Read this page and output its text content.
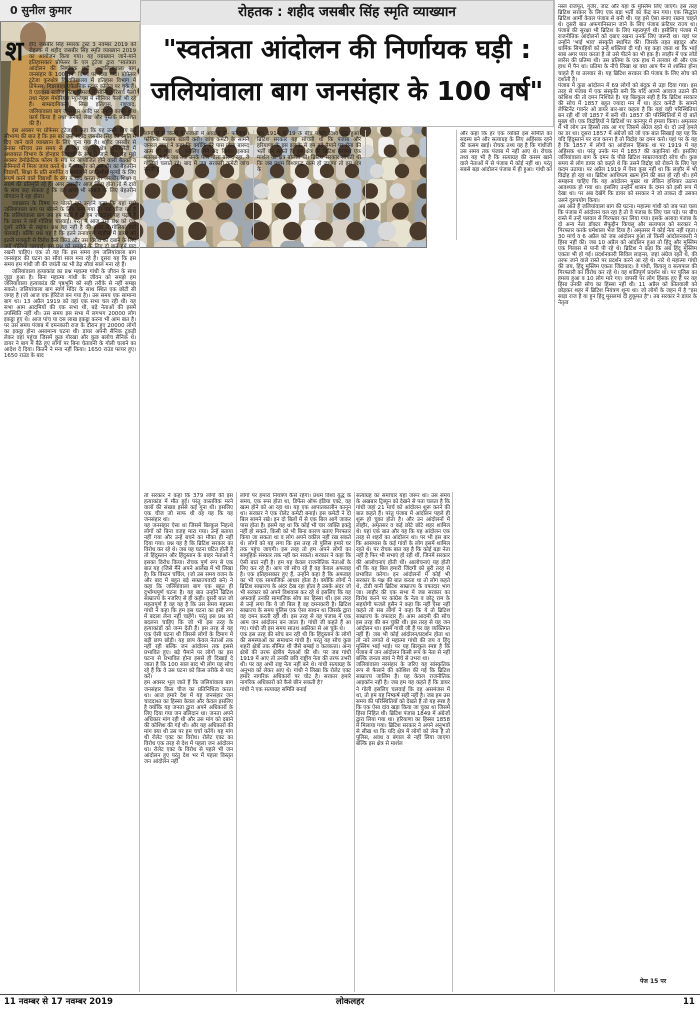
0 सुनील कुमार	रोहतक : शहीद जसबीर सिंह स्मृति व्याख्यान
"स्वतंत्रता आंदोलन की निर्णायक घड़ी :
जलियांवाला बाग जनसंहार के 100 वर्ष"
श	हीद जसबीर सिंह स्मारक ट्रस्ट 3 नवम्बर 2019 को रोहतक में शहीद जसबीर सिंह स्मृति व्याख्यान 2019 का आयोजन किया गया। यह व्याख्यान जाने-माने इतिहासकार प्रोफेसर के एल टुटेजा द्वारा "स्वतंत्रता आंदोलन की निर्णायक घड़ी : जलियांवाला बाग जनसंहार के 100 वर्ष" विषय पर दिया गया। प्रोफेसर टुटेजा कुरुक्षेत्र विश्वविद्यालय में इतिहास विभाग में प्रोफेसर, गिडरबाहा एकेडमिक स्टाफ कॉलेज पर चुके हैं। वे एडवांस्ड स्टडीज सेंटर शिमला में सीनियर रिसर्च फैलो तथा नेहरू मेमोरियल म्यूजियम में सीनियर फैलो भी रहे हैं। साम्प्रदायिकता, सिख इतिहास, राष्ट्रवाद, जलियांवाला बाग जनसंहार आदि पर उन्होंने काफी शोध कार्य किया है तथा अनेकों लेख और पुस्तकें प्रकाशित की हैं।

इस अवसर पर प्रोफेसर टुटेजा ने कहा कि यह उनके लिए बड़े सौभाग्य की बात है कि इस बार उन्हें शहीद जसबीर सिंह की स्मृति में दिए जाने वाले व्याख्यान के लिए चुना गया है। शहीद जसबीर से उनका परिचय उस समय से है जब वह कुरुक्षेत्र यूनिवर्सिटी में अध्ययरत विभाग के होनहार विद्यार्थी के रूप में जाने गए। वह मुझे अक्सर डेमोक्रेटिक फोरम के मंच पर आयोजित होने वाली बैठकों व सेमिनारों में मिला जाया करते थे। मैं जसबीर को उस दौर का बेहतरीन विद्यार्थी, शिक्षा के प्रति समर्पित व समाज में प्रगतिशील मूल्यों के लिए संघर्ष करने वाले विद्यार्थी के रूप में याद करता हूं। जसबीर शिक्षा व संघर्ष की प्रतिमूर्ति रहे हैं। अगर जसबीर आज जिंदा होता तो मैं दावे के साथ कह सकता हूं कि वह आज भी समाज के लिए बेहतरीन योगदान दे रहा होता।

व्याख्यान के विषय पर बोलते हुए उन्होंने कहा कि यहां मुझे जलियांवाला बाग पर बोलने के लिए कहा गया है। एक चीज यह है कि जलियांवाला बाग जब हम पढ़ते हैं तो हम ज्यादातर यह पढ़ते हैं कि डायर ने क्यों गोलियां चलवाईं। परंतु मैं आज उसी प्रश्न को एक दूसरे तरीके से रखूंगा। प्रश्न यह नहीं है की डायर ने गोलियां क्यों चलवाईं। बल्कि प्रश्न यह है कि इतने तनावपूर्ण माहौल में डायर को इतनी मजबूती से विरोध कैसे किया और उस विरोध को दबाने के लिए क्यों गोलियां चलवाईं। इस प्रश्न को समझने के लिए दो बातें हमें याद रखनी चाहिए। एक तो यह कि इस समय हम जलियांवाला बाग जनसंहार की घटना का सौवां साल मना रहे हैं। दूसरा यह कि इस समय हम गांधी जी की जयंती का भी डेढ़ सौवां साल मना रहे हैं।

जलियांवाला हत्याकांड का प्रश्न महात्मा गांधी के जीवन के साथ जुड़ा हुआ है। बिना महात्मा गांधी के जीवन को समझे हम जलियांवाला हत्याकांड की पृष्ठभूमि को सही तरीके से नहीं समझ सकते। जलियांवाला बाग स्वर्ण मंदिर के साथ स्थित एक छोटी सी जगह है (जो आज एक हेरिटेज बन गया है)। उस समय एक सामान्य बाग था। 13 अप्रैल 1919 को वहां एक सभा चल रही थी। यह सभा आम आदमियों की एक सभा थी, बड़े नेताओं की इसमें उपस्थिति नहीं थी। उस समय इस सभा में लगभग 20000 लोग इकट्ठा हुए थे। आज पांच या दस लाख इकट्ठा करना भी आम बात है। पर उस समय पंजाब में दमनकारी राज के दौरान हुए 20000 लोगों का इकट्ठा होना असामान्य घटना थी। डायर अपनी सैनिक टुकड़ी लेकर वहां पहुंचा जिसमें कुछ गोरखा और कुछ बलोच सैनिक थे। डायर ने बाग में बैठे हुए लोगों पर बिना चेतावनी के गोली चलाने का आदेश दे दिया। कितने ने मना नहीं किया। 1650 राउंड फायर हुए। 1650 राउंड के बाद

लोगों में से किसी ने पंजाबी में आवाज दी- फोकिया। फोकिया मतलब खाली करो। जांच कमेटी के सामने जनरल डायर ने कहा कि क्योंकि मेरे पास गोला बारूद खत्म हो गया था, इसलिए मैंने बंद किया। इसका मतलब है कि जब तक उनके पास गोला बारूद रहा, वे गोलियां चलाते रहे। बाद में जब सरकारी कमेटी जांच करती है

था। 1914 से 19 के बीच पहला विश्व युद्ध हुआ। ब्रिटिश सरकार यह सोचती थी कि पंजाब और हरियाणा के इस इलाके से हम बड़े पैमाने पर सेना की भर्ती कर सकते हैं। इस क्षेत्र की ब्रिटिश सरकार एक मार्शल का क्षेत्र बोलती थी। ब्रिटिश सरकार सोचती थी कि जब प्रथम विश्वयुद्ध खत्म हो जाएगा तो इस क्षेत्र के

और कहा कि हर एक व्यक्ति इस समिति का सदस्य बने और सत्याग्रह के लिए अहिंसक रहने की कसम खाई। रोचक तथ्य यह है कि गांधीजी उस समय तक पंजाब में नहीं आए थे। रोचक तथ्य यह भी है कि सत्याग्रह की कसम खाने वाले नेताओं में से पंजाब में कोई नहीं था। परंतु सबसे बड़ा आंदोलन पंजाब में ही हुआ। गांधी का

तो सरकार ने कहा कि 379 लोगों की इस हत्याकांड में मौत हुई। परंतु वास्तविक मरने वालों की संख्या इससे कई गुना थी। इसलिए एक चीज जो साफ थी वह यह कि यह जनसंहार था।
यह जनसंहार ऐसा था जिसमें बिल्कुल निहत्थे लोगों को बिना वजह मारा गया। उन्हें बताया नहीं गया और उन्हें बचने का मौका ही नहीं दिया गया। प्रश्न यह है कि ब्रिटिश सरकार का विरोध कर रहे थे। जब यह घटना घटित होती है तो हिंदुस्तान और हिंदुस्तान के बाहर नेताओं ने इसका विरोध किया। रोचक पूर्ण रूप से एक बात यह (जिसे मैंने अपने आलेख में भी लिखा है) कि विंस्टन चर्चिल, (जो उस समय वजन के और बाद में बहुत बड़े साम्राज्यवादी बने) ने कहा कि जलियांवाला बाग एक बहुत ही दुर्भाग्यपूर्ण घटना है। यह बात उन्होंने ब्रिटिश साम्राज्य के नजरिए से ही कही। दूसरी बात जो महत्वपूर्ण है वह यह है कि उस समय महात्मा गांधी ने कहा कि हम इस घटना का इसी रूप में बदला लेना नहीं चाहेंगे। परंतु इस प्रश्न को बदलना चाहिए कि जो भी इस तरह के हत्याकांडों को जन्म देती हैं। इस तरह से यह एक ऐसी घटना थी जिससे लोगों के दिमाग में बड़ी छाप छोड़ी। यह छाप केवल नेताओं तक नहीं रही बल्कि जन आंदोलन तक इससे प्रभावित हुए। बड़े पैमाने पर लोगों का इस घटना से प्रभावित होना इससे ही दिखाई दे जाता है कि 100 साल बाद भी लोग यह सोच रहे हैं कि वे उस घटना को किस तरीके से याद करें।
हम अक्सर भूल जाते हैं कि जलियांवाला बाग जनसंहार किस चीज का प्रतिनिधित्व करता था। आज हमारे देश में यह जनसंहार जन चाददाश्त का हिस्सा केवल और केवल इसलिए है क्योंकि यह जनता द्वारा अपने अधिकारों के लिए दिया गया जन बलिदान था। जनता अपने अधिकार मांग रही थी और उस मांग को दबाने की कोशिश की गई थी। और यह अधिकारों की मांग क्या थी उस पर हम चर्चा करेंगे। यह मांग थी रोलेट एक्ट का विरोध। रोलेट एक्ट का विरोध एक तरह से देश में पहला जन आंदोलन था। रोलेट एक्ट के विरोध से पहले भी जन आंदोलन हुए परंतु देश भर में पहला विस्तृत जन आंदोलन नहीं

लोगों पर हमारा नियंत्रण कैसे रहेगा। प्रथम विश्व युद्ध के समय, एक रूस होता था, डिफेंस ऑफ इंडिया एक्ट, वह खत्म होने को आ रहा था। यह एक आपातकालीन कानून था। सरकार ने एक रोलेट कमेटी बनाई। इस कमेटी ने दो बिल सामने रखे। इन दो बिलों में से एक बिल आगे जाकर पास होता है। इसमें यह था कि कोई भी चार व्यक्ति इकट्ठे नहीं हो सकते, किसी को भी बिना कारण बताए गिरफ्तार किया जा सकता था व लोग अपने वकील नहीं रख सकते थे। लोगों को यह लगा कि इस तरह तो पुलिस हमारे घर तक पहुंच जाएगी। इस तरह तो हम अपने लोगों का सामूहिक संस्कार तक नहीं कर सकते। सरकार ने कहा कि ऐसी बात नहीं है। हम यह केवल राजनीतिक नेताओं के लिए कर रहे हैं। आप जो सोच रहे हैं वह केवल अफवाह है। एक इतिहासकार हुए हैं, उन्होंने कहा है कि अफवाह का भी एक सामाजिक आधार होता है। क्योंकि लोगों ने ब्रिटिश साम्राज्य के अंदर देख रहा होता है उसके अंदर जो भी सरकार को अपने विशवास कर रहे थे इसलिए कि यह अफवाहें उनकी सामाजिक सोच का हिस्सा थीं। इस तरह से उन्हें लगा कि ये जो बिल है वह दमनकारी है। ब्रिटिश साम्राज्य के समय पुलिस एक ऐसा साधन था जिसके द्वारा वह दमन करती रही थी। इस तरह से यह पंजाब में एक आम जन आंदोलन बन जाता है। गांधी जी कहते हैं आ गए। गांधी जी इस समय साउथ अफ्रीका से आ चुके थे।
एक इस तरह की सोच बन रही थी कि हिंदुस्तान के लोगों की समस्याओं का समाधान गांधी है। परंतु यह सोच कुछ शहरी क्षेत्रों तक सीमित थी जैसे बम्बई व कलकत्ता। अन्य क्षेत्रों की तरफ क्षेत्रीय नेताओं की थी। पर जब गांधी 1919 में आए तो उनकी छवि राष्ट्रीय नेता की तरफ उभरी थी। पर वह अभी राष्ट्र नेता नहीं बने थे। गांधी सत्याग्रह के अनुभव को लेकर आए थे। गांधी ने लिखा कि रोलेट एक्ट हमारे नागरिक अधिकारों पर चोट है। सरकार हमारे नागरिक अधिकारों को कैसे छीन सकती है?
गांधी ने एक सत्याग्रह समिति बनाई

सत्याग्रह का समाचार यहां जरूर था। उस समय के अखबार ट्रिब्यून को देखने से पता चलता है कि गांधी जहां 21 मार्च को आंदोलन शुरू करने की बात कहते हैं। परंतु पंजाब में आंदोलन पहले ही शुरू हो चुका होता है। और उन आंदोलनों में लाहौर, अमृतसर व कई छोटे छोटे शहर शामिल थे। यहां एक बात और यह कि यह आंदोलन एक तरह से शहरों का आंदोलन था। पर भी इस बार कि आसपास के कई गांवों के लोग इसमें शामिल रहते थे। पर रोचक बात यह है कि कोई बड़ा नेता नहीं है फिर भी सभाएं हो रही थीं, जिनमें सरकार की आलोचनाएं होती थीं। आलोचनाएं यह होती थीं कि यह बिल हमारी जिंदगी को बुरी तरह से प्रभावित करेगा। इन आंदोलनों में कोई भी सरकार के पक्ष की बात करता था तो लोग कहते थे, टोडी यानी ब्रिटिश साम्राज्य के वफादार भाग जा। लाहौर की एक सभा में जब सरकार का विरोध करने पर कांग्रेस के नेता व छोटू राम के सहयोगी फजले हुसैन ने कहा कि नहीं ऐसा नहीं कहते तो सब लोगों ने कहा कि ये तो ब्रिटिश साम्राज्य के वफादार हैं। आम आदमी की सोच इस तरह की बन चुकी थी। इस तरह से यह जन आंदोलन था। इसमें गांधी जी हैं पर वह व्यक्तिगत नहीं हैं। जब भी कोई आंदोलन/प्रदर्शन होता था तो नारे लगाते थे महात्मा गांधी की जय व हिंदू मुस्लिम भाई भाई। पर यह बिल्कुल स्पष्ट है कि पंजाब में जन आंदोलन किसी रूप के नेता से नहीं बल्कि जनता स्वयं ने मैचे से उभरा था।
जलियांवाला नरसंहार के जरिए यह सांस्कृतिक रूप से फैलाने की कोशिश की गई कि ब्रिटिश साम्राज्य जालिम है। यह केवल राजनीतिक आइकॉन नहीं है। जब हम यह कहते हैं कि डायर ने गोली इसलिए चलवाई कि वह असमंजस में था, तो हम यह निष्कर्ष सही नहीं है। जब हम उस समय की परिस्थितियों को देखते हैं तो यह स्पष्ट है कि एक ऐसा दांव खड़ा किया जा चुका था जिसमें हिंसा निहित थी। ब्रिटिश पंजाब 1849 में अंग्रेजों द्वारा लिया गया था। हरियाणा का हिस्सा 1858 में मिलाया गया। ब्रिटिश सरकार ने अपने अनुभवों से सीख था कि यदि क्षेत्र में लोगों को लेना है तो पुलिस, अवध व बंगाल से नहीं लिया जाएगा बल्कि इस क्षेत्र से मार्शल

नस्ल राजपूत, गुर्जर, जाट और यहां के मुस्लिम लिए जाएंगे। इस तरह ब्रिटिश सरकार के लिए एक बड़ा भर्ती का केंद्र बन गया। एक सिद्धांत ब्रिटिश आर्मी केवल पंजाब से बनी थी। यह इसे ऐसा बनाए रखना चाहते थे। दूसरी बात अफगानिस्तान जाने के लिए पंजाब फ्रंटियर राज्य था। पंजाब की सुरक्षा भी ब्रिटिश के लिए महत्वपूर्ण थी। इसीलिए पंजाब में राजनीतिक आंदोलनों को दबाए रखना उनके लिए जरूरी था। यहां पर उन्होंने 'भाई भाव' संस्कृति स्थापित की। जिसके तहत बहादुर और धार्मिक सिपाहियों को उन्हें शक्तियां दी गईं। यह कहा जाता था कि भाई साब अगर प्यार करता है तो उसे पीटने का भी हक है। लाहौर में एक लॉर्ड लारेंस की प्रतिमा थी। उस प्रतिमा के एक हाथ में तलवार थी और एक हाथ में पैन था। प्रतिमा के नीचे लिखा था क्या आप पैन से शासित होना चाहते हैं या तलवार से। यह ब्रिटिश सरकार की पंजाब के लिए सोच को दर्शाती है।
पंजाब में कुछ आंदोलन में 69 लोगों को बंदूक से उड़ा दिया गया। इस तरह से पंजाब में एक संस्कृति बनी कि यदि आपने आवाज उठाने की कोशिश की तो दमन निश्चित है। यह बिल्कुल सही है कि ब्रिटिश सरकार की सोच में 1857 बहुत ज्यादा मन में था। हंटर कमेटी के सामने लेफ्टिनेंट गवर्नर ओ डायर बार-बार कहता है कि यहां वही परिस्थितियां बन रही थीं जो 1857 में बनी थीं। 1857 की परिस्थितियों में दो बातें मुख्य थीं। एक विद्रोहियों ने ब्रिटिशों पर कानपुर में हमला किया। अमृतसर में भी लोग उन हिस्सों तक आ गए जिसमें अंग्रेज रहते थे। दो उन्हें हमले का डर था। दूसरा 1857 में अंग्रेजों को जो एक बात सिखाई वह यह कि यदि हिंदुस्तान पर राज करना है तो विद्रोह का दमन करो। यहां पर के यह है कि 1857 में लोगों का आंदोलन हिंसक था पर 1919 में यह अहिंसक था। परंतु उनके मन में 1857 की कहानियां थीं। इसलिए जलियांवाला बाग के दमन के पीछे ब्रिटिश साम्राज्यवादी सोच थी। कुछ समय से लोग डायर को कहते थे कि उसने विद्रोह को रोकने के लिए यह कदम उठाया। पर अप्रैल 1919 में ऐसा कुछ नहीं था कि लाहौर में भी विद्रोह हो रहा था। ब्रिटिश आधिपत्य खत्म होने की बात हो रही थी। हमें समझना चाहिए कि यह आंदोलन मुखर था लेकिन हथियार उठाना आवश्यक हो गया था। इसलिए उन्होंने शासन के दमन को इसी रूप में देखा था। पर अब देखेंगे कि डायर को सरकार ने जो ताकत दी उसका उसने दुरुपयोग किया।
अब आते हैं जलियांवाला बाग की घटना। महात्मा गांधी को जब पता चला कि पंजाब में आंदोलन चल रहा है तो वे पंजाब के लिए चल पड़े। पर बीच रास्ते में उन्हें पलवल से गिरफ्तार कर लिया गया। इसके अलावा पंजाब के दो अन्य नेता डॉक्टर सैफुद्दीन किचलू और सत्यपाल को सरकार ने गिरफ्तार करके धर्मशाला भेज दिया है। अमृतसर में कोई नेता नहीं रहता। 30 मार्च व 6 अप्रैल को जब आंदोलन हुआ तो किसी आंदोलनकारी ने हिंसा नहीं की। जब 10 अप्रैल को आंदोलन हुआ तो हिंदू और मुस्लिम एक गिलास से पानी पी रहे थे। ब्रिटिश ने कहा कि अब हिंदू मुस्लिम एकता भी हो गई। प्रदर्शनकारी सिविल लाइन्स, जहां अंग्रेज रहते थे, की तरफ जाने वाले रास्ते पर प्रदर्शन करने आ रहे थे। नारे थे महात्मा गांधी की जय, हिंदू मुस्लिम एकता जिंदाबाद। वे गांधी, किचलू व सत्यपाल की गिरफ्तारी का विरोध कर रहे थे। वह शांतिपूर्ण प्रदर्शन था। पर पुलिस का हमला हुआ व 10 लोग मारे गए। वापसी पर लोग हिंसक हुए हैं पर यह हिंसा उनकी सोच का हिस्सा नहीं थी। 11 अप्रैल को कोतवाली को छोड़कर शहर में ब्रिटिश नियंत्रण शून्य था। जो लोगों के जहन में है "इस साड़ा राज है या हुन हिंदू मुसलमां दी हुकूमत है"। तब सरकार ने डायर के नेतृत्व

पेज 15 पर
11 नवम्बर से 17 नवम्बर 2019	लोकलहर	11
